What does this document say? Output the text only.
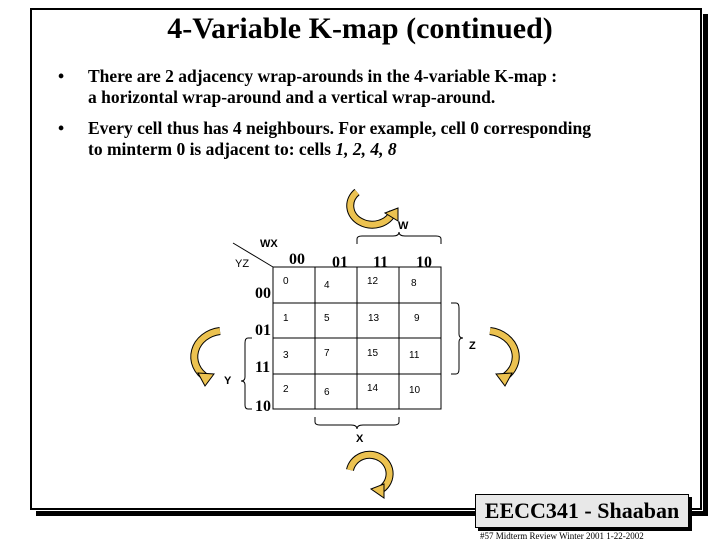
4-Variable K-map (continued)
• There are 2 adjacency wrap-arounds in the 4-variable K-map :
a horizontal wrap-around and a vertical wrap-around.
• Every cell thus has 4 neighbours. For example, cell 0 corresponding
to minterm 0 is adjacent to: cells 1, 2, 4, 8
W
WX
YZ
X
Z
Y
00 01 11 10
00
01
11
10
0	4	12	8
1	5	13	9
3	7	15	11
2	6	14	10
EECC341 - Shaaban
#57 Midterm Review Winter 2001 1-22-2002
